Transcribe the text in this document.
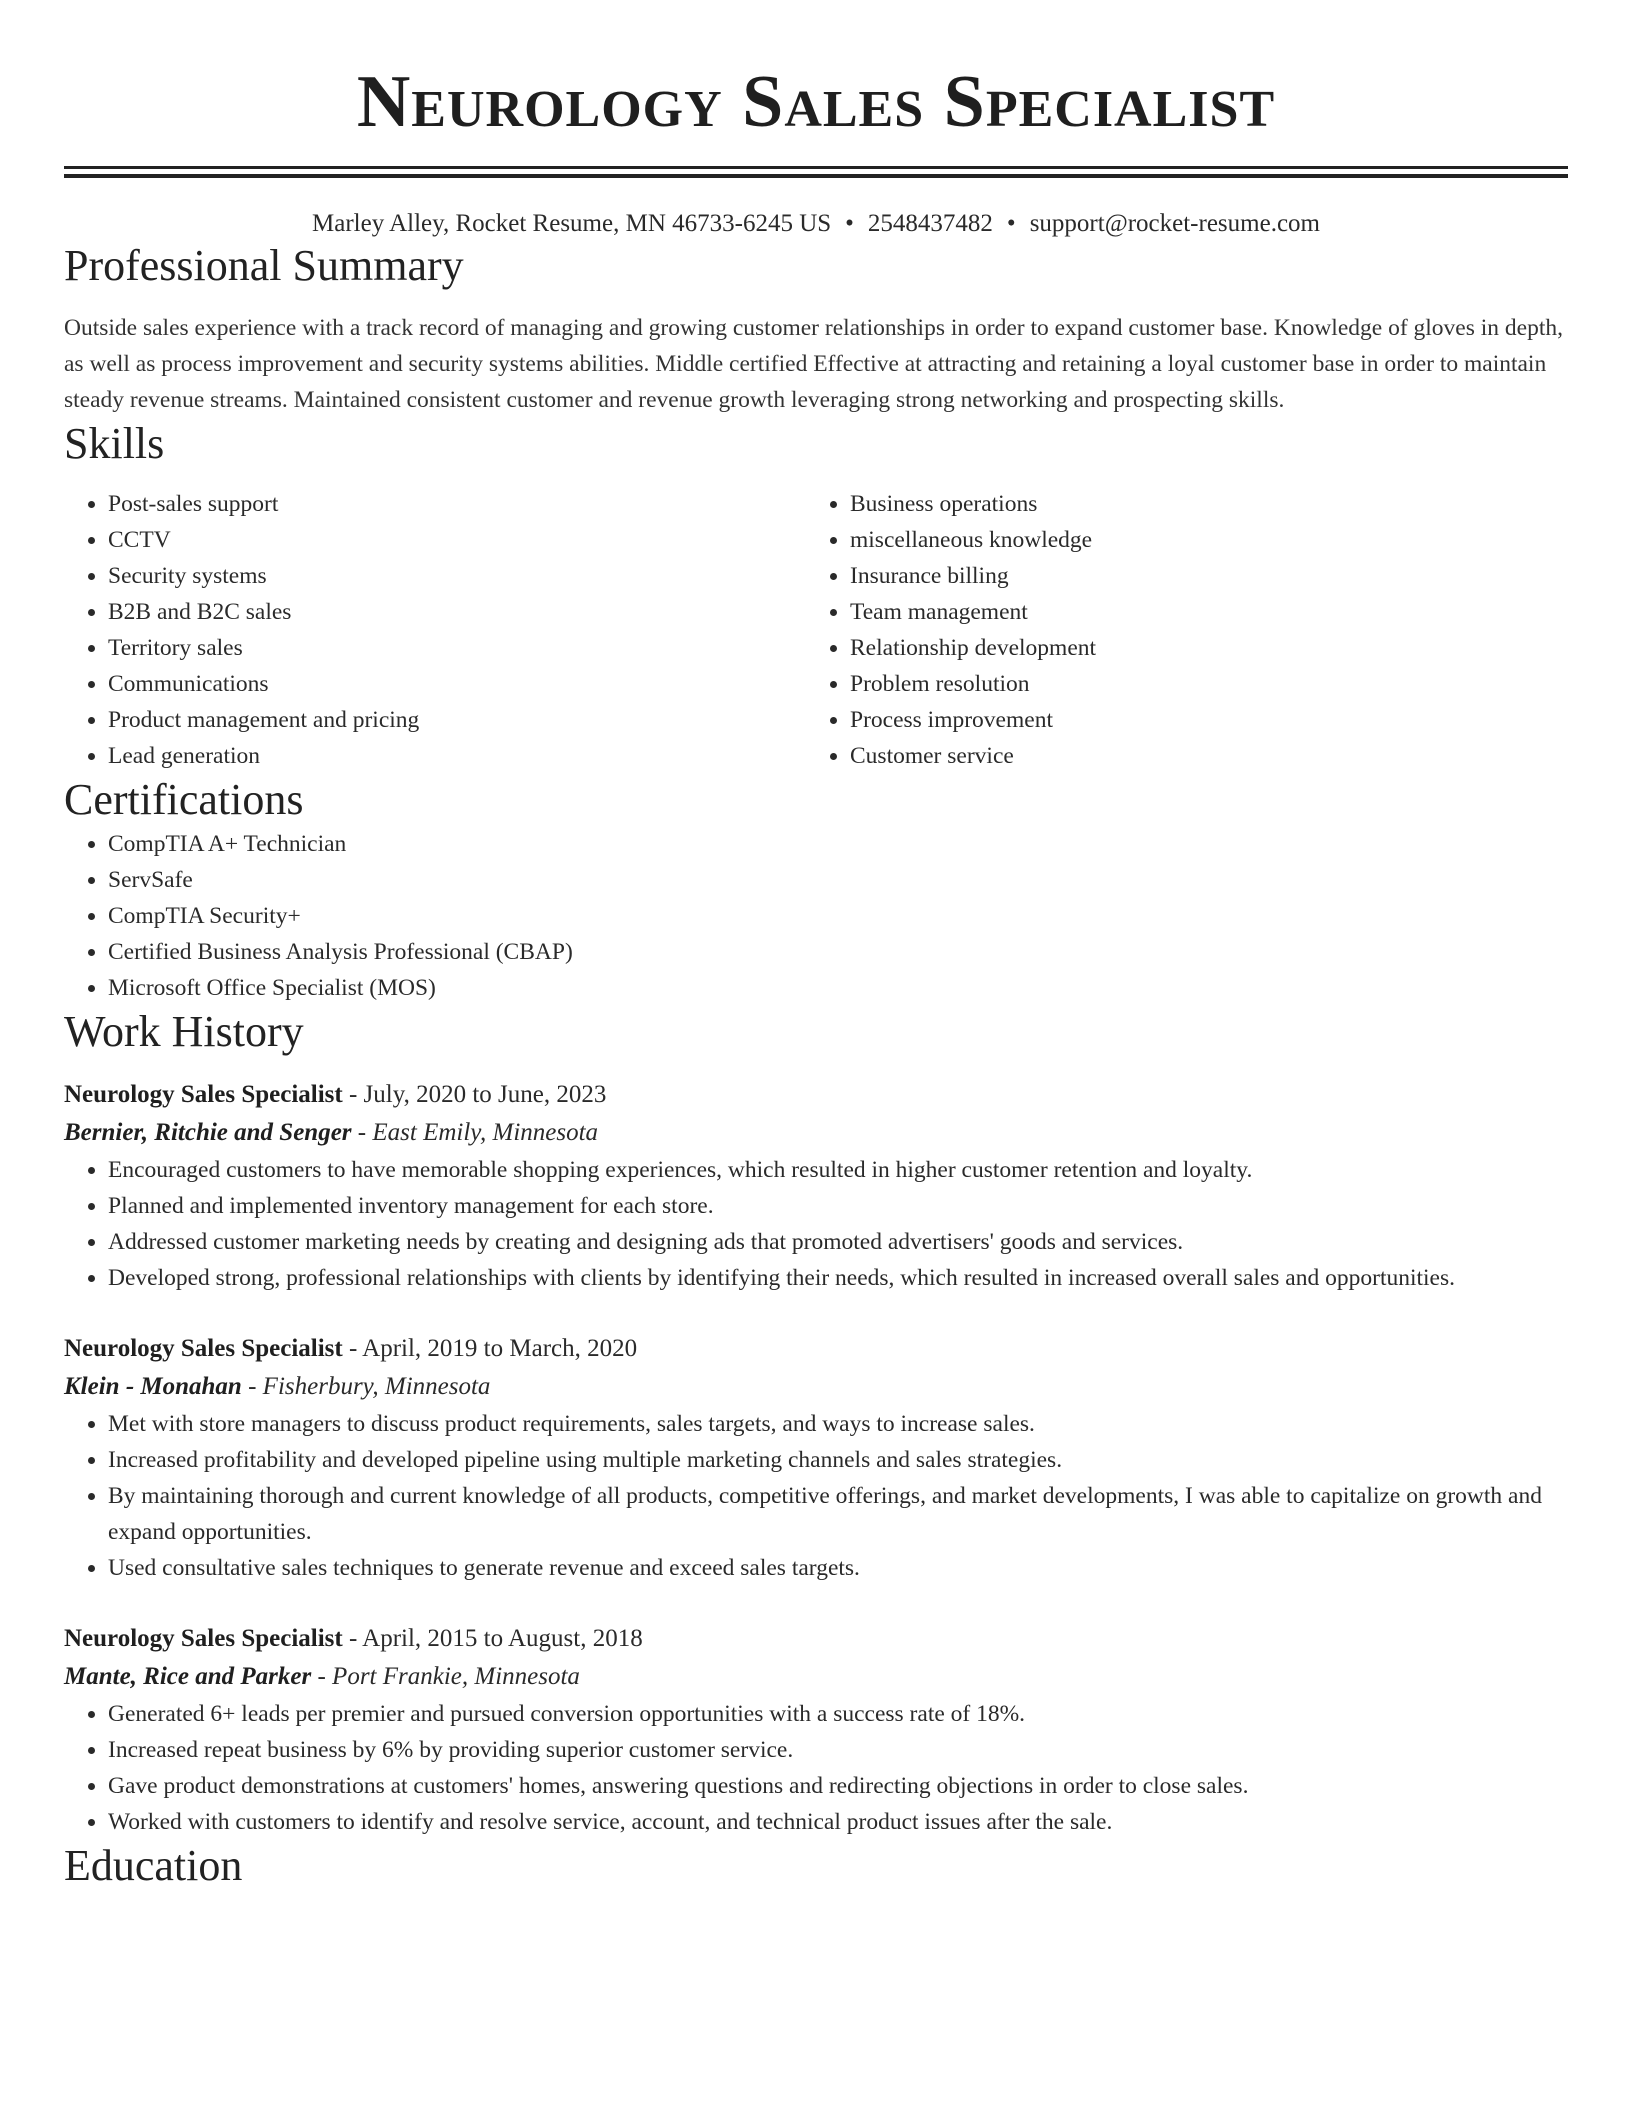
Neurology Sales Specialist
Marley Alley, Rocket Resume, MN 46733-6245 US • 2548437482 • support@rocket-resume.com
Professional Summary

Outside sales experience with a track record of managing and growing customer relationships in order to expand customer base. Knowledge of gloves in depth, as well as process improvement and security systems abilities. Middle certified Effective at attracting and retaining a loyal customer base in order to maintain steady revenue streams. Maintained consistent customer and revenue growth leveraging strong networking and prospecting skills.

Skills
• Post-sales support
• CCTV
• Security systems
• B2B and B2C sales
• Territory sales
• Communications
• Product management and pricing
• Lead generation
• Business operations
• miscellaneous knowledge
• Insurance billing
• Team management
• Relationship development
• Problem resolution
• Process improvement
• Customer service
Certifications
• CompTIA A+ Technician
• ServSafe
• CompTIA Security+
• Certified Business Analysis Professional (CBAP)
• Microsoft Office Specialist (MOS)
Work History
Neurology Sales Specialist - July, 2020 to June, 2023
Bernier, Ritchie and Senger - East Emily, Minnesota
• Encouraged customers to have memorable shopping experiences, which resulted in higher customer retention and loyalty.
• Planned and implemented inventory management for each store.
• Addressed customer marketing needs by creating and designing ads that promoted advertisers' goods and services.
• Developed strong, professional relationships with clients by identifying their needs, which resulted in increased overall sales and opportunities.
Neurology Sales Specialist - April, 2019 to March, 2020
Klein - Monahan - Fisherbury, Minnesota
• Met with store managers to discuss product requirements, sales targets, and ways to increase sales.
• Increased profitability and developed pipeline using multiple marketing channels and sales strategies.
• By maintaining thorough and current knowledge of all products, competitive offerings, and market developments, I was able to capitalize on growth and expand opportunities.
• Used consultative sales techniques to generate revenue and exceed sales targets.
Neurology Sales Specialist - April, 2015 to August, 2018
Mante, Rice and Parker - Port Frankie, Minnesota
• Generated 6+ leads per premier and pursued conversion opportunities with a success rate of 18%.
• Increased repeat business by 6% by providing superior customer service.
• Gave product demonstrations at customers' homes, answering questions and redirecting objections in order to close sales.
• Worked with customers to identify and resolve service, account, and technical product issues after the sale.
Education
